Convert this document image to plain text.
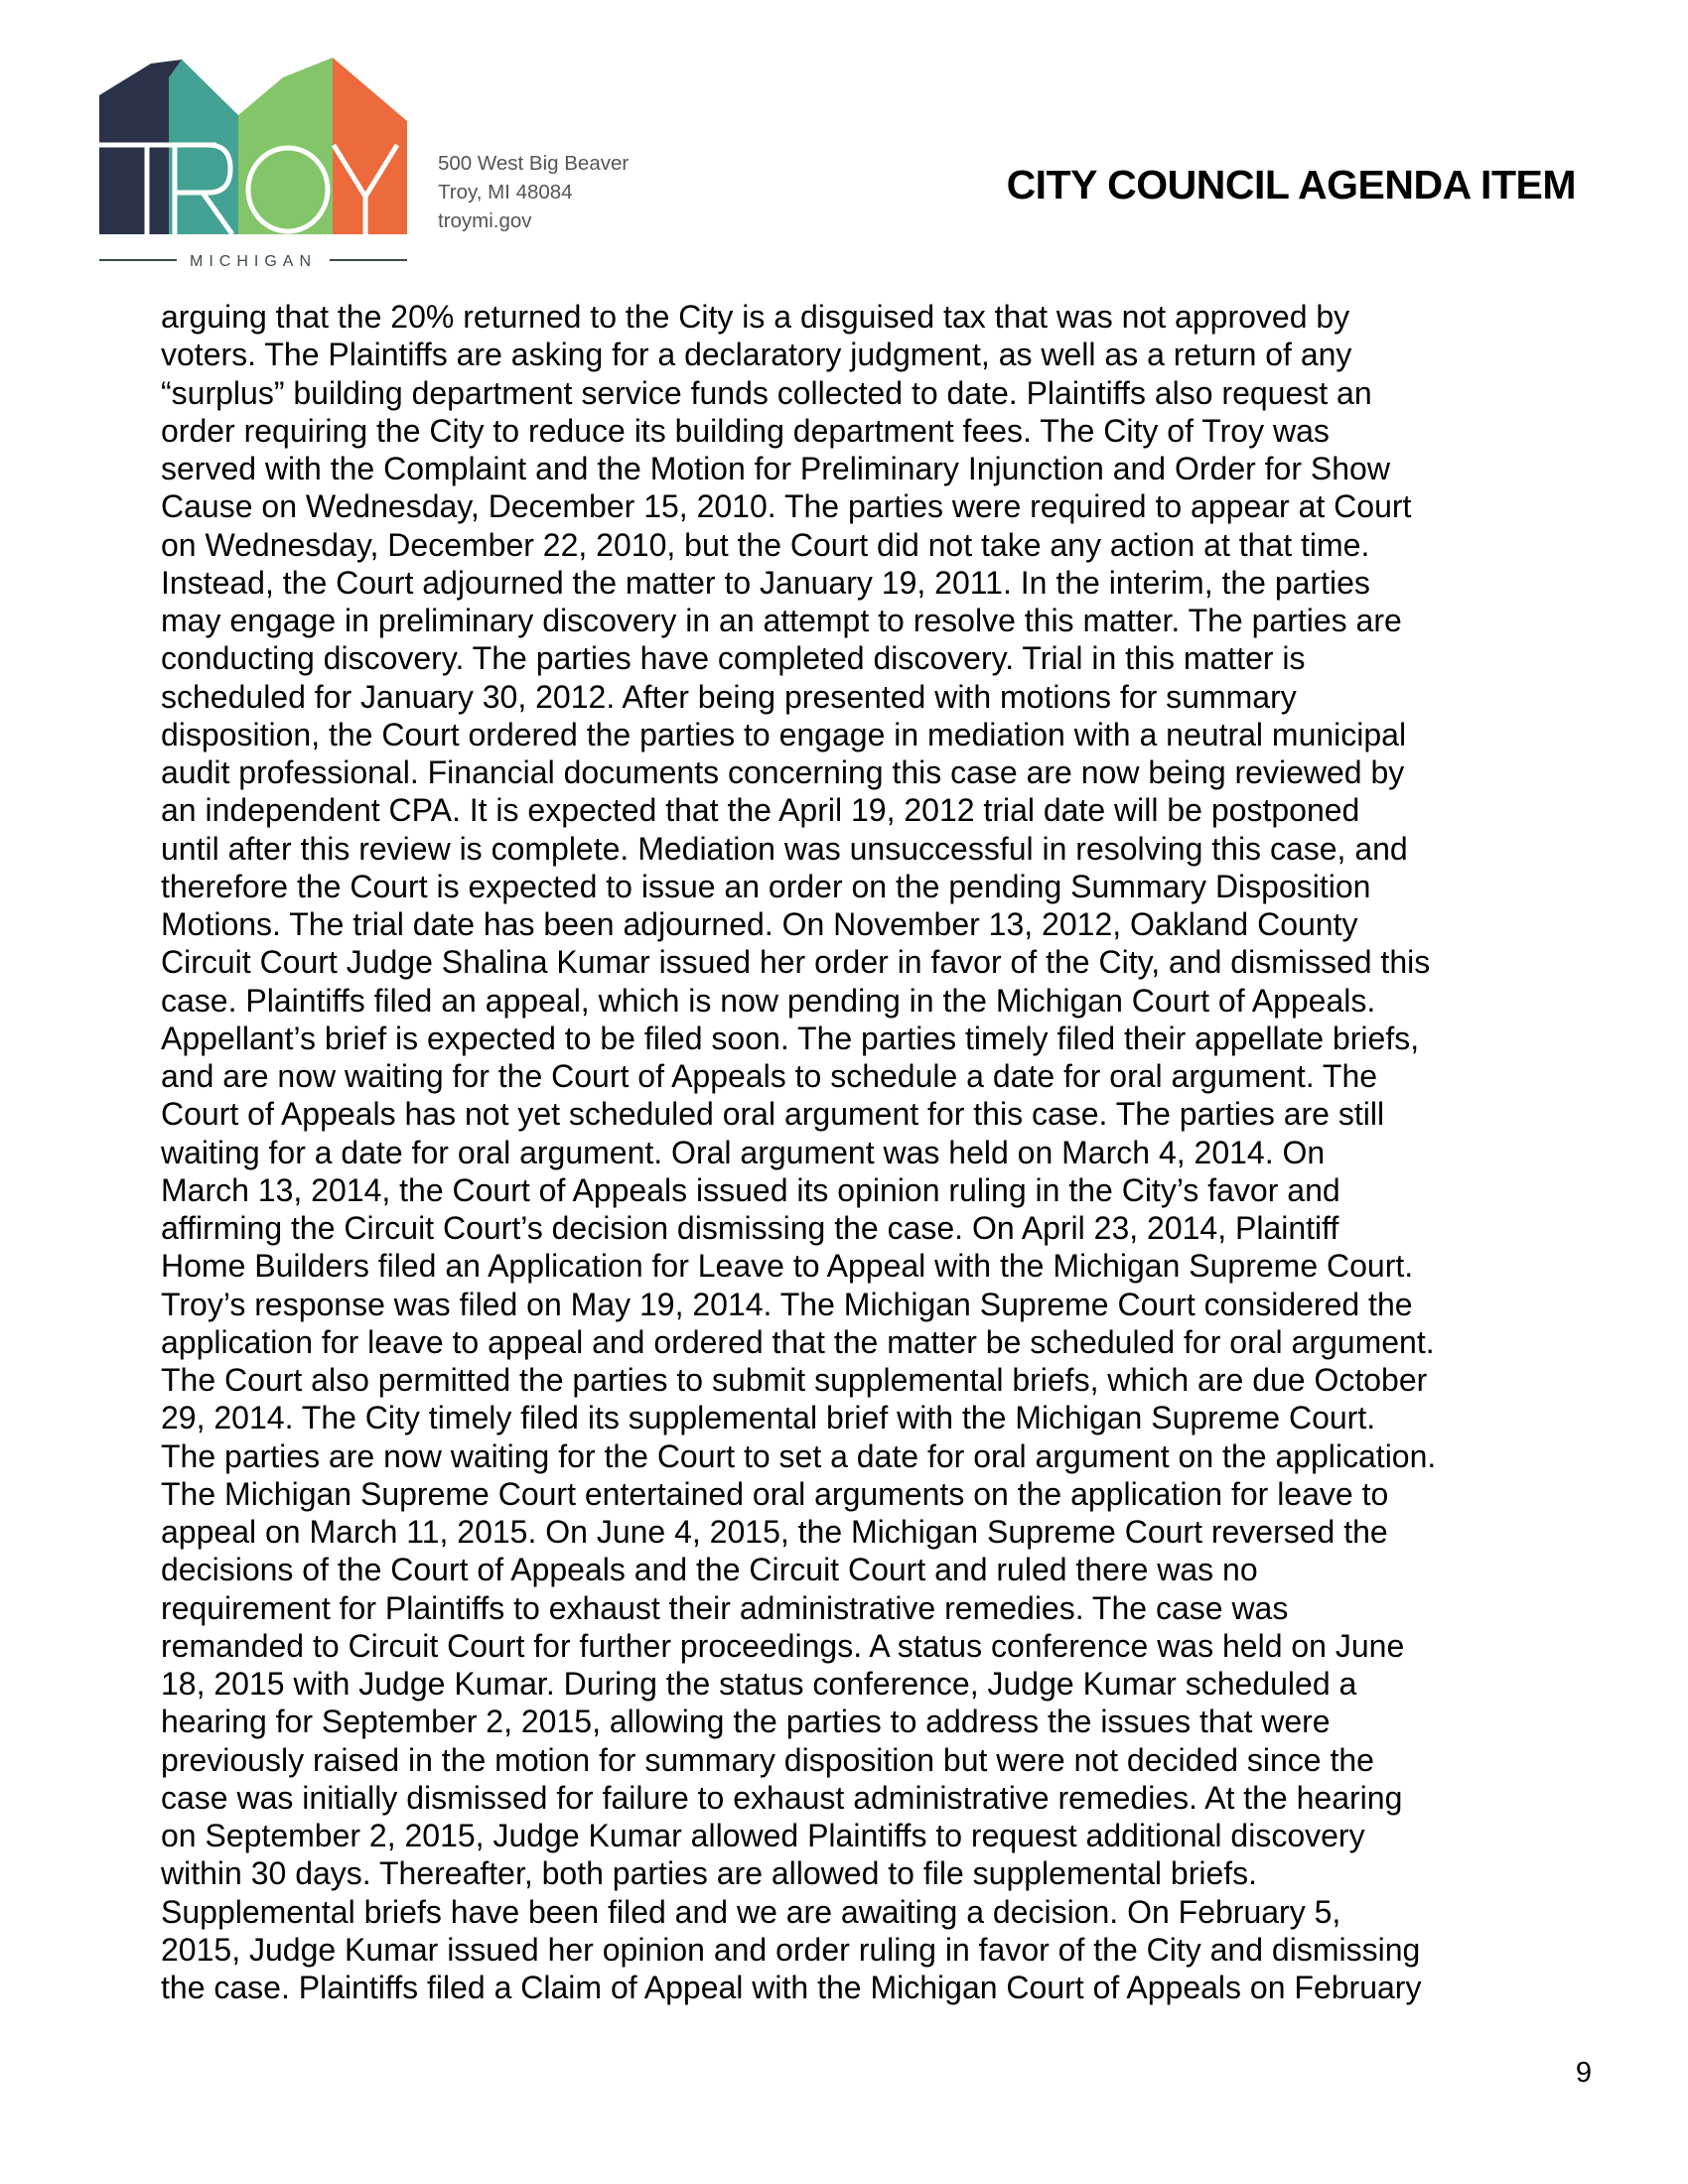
MICHIGAN
500 West Big Beaver
Troy, MI 48084
troymi.gov
CITY COUNCIL AGENDA ITEM
arguing that the 20% returned to the City is a disguised tax that was not approved by
voters. The Plaintiffs are asking for a declaratory judgment, as well as a return of any
“surplus” building department service funds collected to date. Plaintiffs also request an
order requiring the City to reduce its building department fees. The City of Troy was
served with the Complaint and the Motion for Preliminary Injunction and Order for Show
Cause on Wednesday, December 15, 2010. The parties were required to appear at Court
on Wednesday, December 22, 2010, but the Court did not take any action at that time.
Instead, the Court adjourned the matter to January 19, 2011. In the interim, the parties
may engage in preliminary discovery in an attempt to resolve this matter. The parties are
conducting discovery. The parties have completed discovery. Trial in this matter is
scheduled for January 30, 2012. After being presented with motions for summary
disposition, the Court ordered the parties to engage in mediation with a neutral municipal
audit professional. Financial documents concerning this case are now being reviewed by
an independent CPA. It is expected that the April 19, 2012 trial date will be postponed
until after this review is complete. Mediation was unsuccessful in resolving this case, and
therefore the Court is expected to issue an order on the pending Summary Disposition
Motions. The trial date has been adjourned. On November 13, 2012, Oakland County
Circuit Court Judge Shalina Kumar issued her order in favor of the City, and dismissed this
case. Plaintiffs filed an appeal, which is now pending in the Michigan Court of Appeals.
Appellant’s brief is expected to be filed soon. The parties timely filed their appellate briefs,
and are now waiting for the Court of Appeals to schedule a date for oral argument. The
Court of Appeals has not yet scheduled oral argument for this case. The parties are still
waiting for a date for oral argument. Oral argument was held on March 4, 2014. On
March 13, 2014, the Court of Appeals issued its opinion ruling in the City’s favor and
affirming the Circuit Court’s decision dismissing the case. On April 23, 2014, Plaintiff
Home Builders filed an Application for Leave to Appeal with the Michigan Supreme Court.
Troy’s response was filed on May 19, 2014. The Michigan Supreme Court considered the
application for leave to appeal and ordered that the matter be scheduled for oral argument.
The Court also permitted the parties to submit supplemental briefs, which are due October
29, 2014. The City timely filed its supplemental brief with the Michigan Supreme Court.
The parties are now waiting for the Court to set a date for oral argument on the application.
The Michigan Supreme Court entertained oral arguments on the application for leave to
appeal on March 11, 2015. On June 4, 2015, the Michigan Supreme Court reversed the
decisions of the Court of Appeals and the Circuit Court and ruled there was no
requirement for Plaintiffs to exhaust their administrative remedies. The case was
remanded to Circuit Court for further proceedings. A status conference was held on June
18, 2015 with Judge Kumar. During the status conference, Judge Kumar scheduled a
hearing for September 2, 2015, allowing the parties to address the issues that were
previously raised in the motion for summary disposition but were not decided since the
case was initially dismissed for failure to exhaust administrative remedies. At the hearing
on September 2, 2015, Judge Kumar allowed Plaintiffs to request additional discovery
within 30 days. Thereafter, both parties are allowed to file supplemental briefs.
Supplemental briefs have been filed and we are awaiting a decision. On February 5,
2015, Judge Kumar issued her opinion and order ruling in favor of the City and dismissing
the case. Plaintiffs filed a Claim of Appeal with the Michigan Court of Appeals on February
9
